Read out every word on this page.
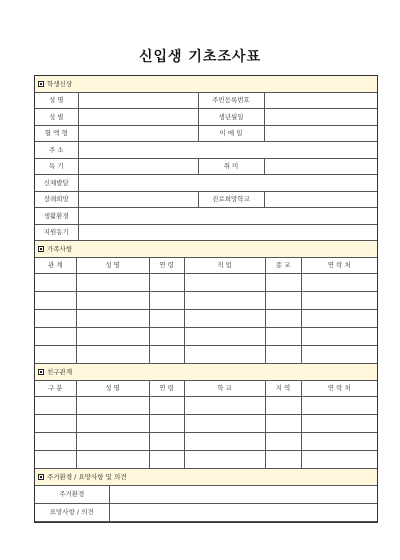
신입생 기초조사표
학생신상			
성 명		주민등록번호	
성 별		생년월일	
혈 액 형		이 메 일	
주 소			
특 기		취 미	
신체발달			
장래희망		진로희망학교	
생활환경			
지원동기			
가족사항					
관 계	성 명	연 령	직 업	종 교	연 락 처

친구관계					
구 분	성 명	연 령	학 교	지 역	연 락 처

주거환경 / 요망사항 및 의견	
주거환경	
요망사항 / 의견	
